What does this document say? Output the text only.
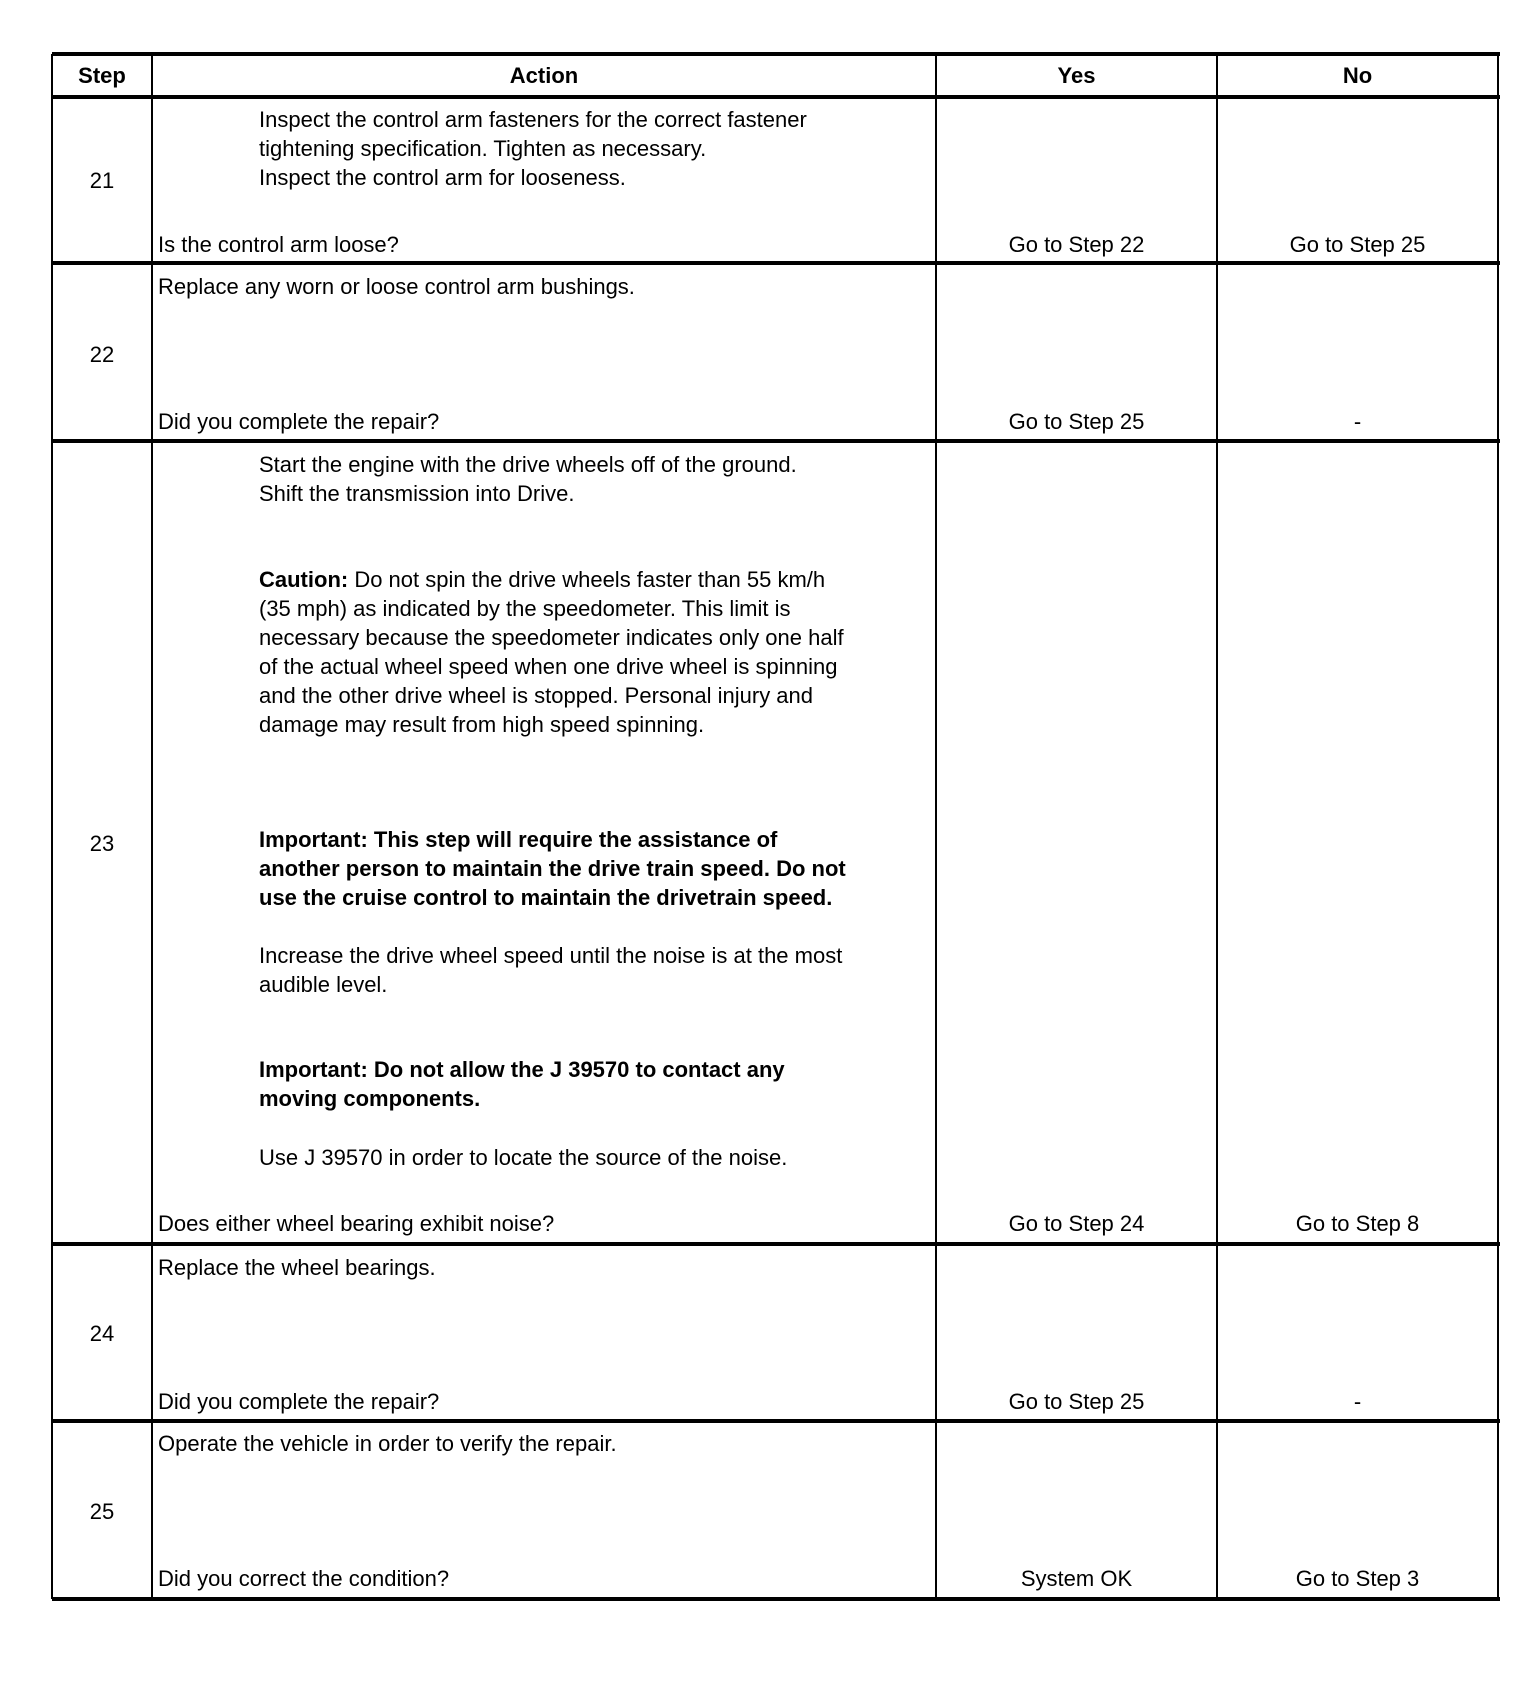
Step	Action	Yes	No
21
Inspect the control arm fasteners for the correct fastener
tightening specification. Tighten as necessary.
Inspect the control arm for looseness.
Is the control arm loose?	Go to Step 22	Go to Step 25
22
Replace any worn or loose control arm bushings.
Did you complete the repair?	Go to Step 25	-
23
Start the engine with the drive wheels off of the ground.
Shift the transmission into Drive.
Caution: Do not spin the drive wheels faster than 55 km/h
(35 mph) as indicated by the speedometer. This limit is
necessary because the speedometer indicates only one half
of the actual wheel speed when one drive wheel is spinning
and the other drive wheel is stopped. Personal injury and
damage may result from high speed spinning.
Important: This step will require the assistance of
another person to maintain the drive train speed. Do not
use the cruise control to maintain the drivetrain speed.
Increase the drive wheel speed until the noise is at the most
audible level.
Important: Do not allow the J 39570 to contact any
moving components.
Use J 39570 in order to locate the source of the noise.
Does either wheel bearing exhibit noise?	Go to Step 24	Go to Step 8
24
Replace the wheel bearings.
Did you complete the repair?	Go to Step 25	-
25
Operate the vehicle in order to verify the repair.
Did you correct the condition?	System OK	Go to Step 3
